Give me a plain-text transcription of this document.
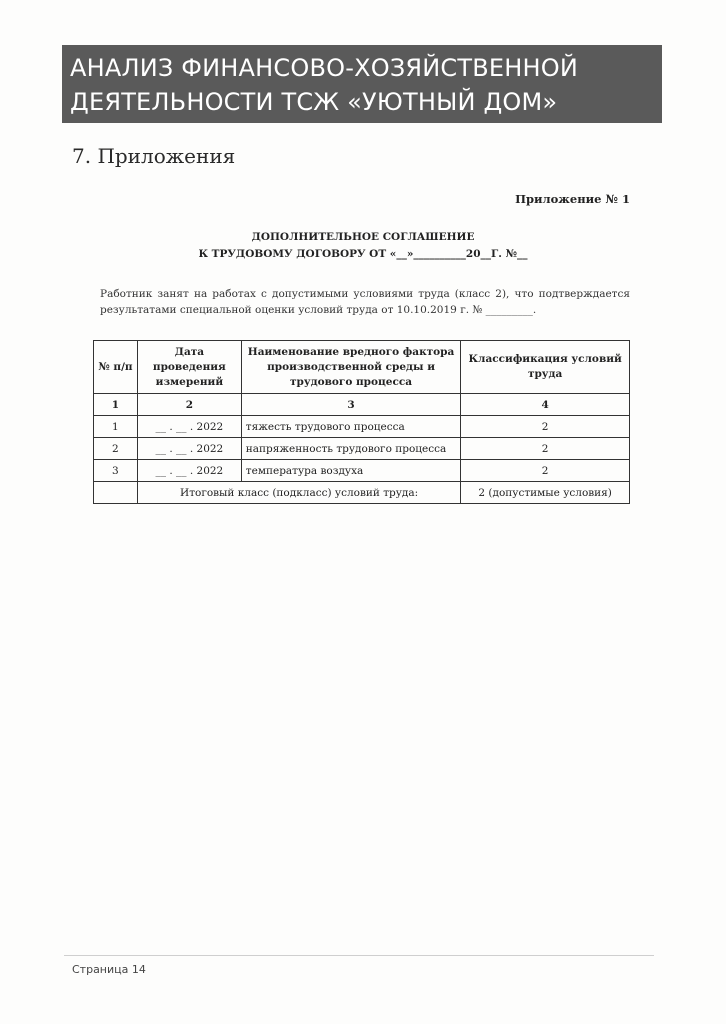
АНАЛИЗ ФИНАНСОВО-ХОЗЯЙСТВЕННОЙ
ДЕЯТЕЛЬНОСТИ ТСЖ «УЮТНЫЙ ДОМ»
7. Приложения
Приложение № 1
ДОПОЛНИТЕЛЬНОЕ СОГЛАШЕНИЕ
К ТРУДОВОМУ ДОГОВОРУ ОТ «__»__________20__Г. №__
Работник занят на работах с допустимыми условиями труда (класс 2), что подтверждается результатами специальной оценки условий труда от 10.10.2019 г. № _________.
№ п/п	Дата проведения измерений	Наименование вредного фактора производственной среды и трудового процесса	Классификация условий труда
1	2	3	4
1	__ . __ . 2022	тяжесть трудового процесса	2
2	__ . __ . 2022	напряженность трудового процесса	2
3	__ . __ . 2022	температура воздуха	2
	Итоговый класс (подкласс) условий труда:		2 (допустимые условия)
Страница 14
